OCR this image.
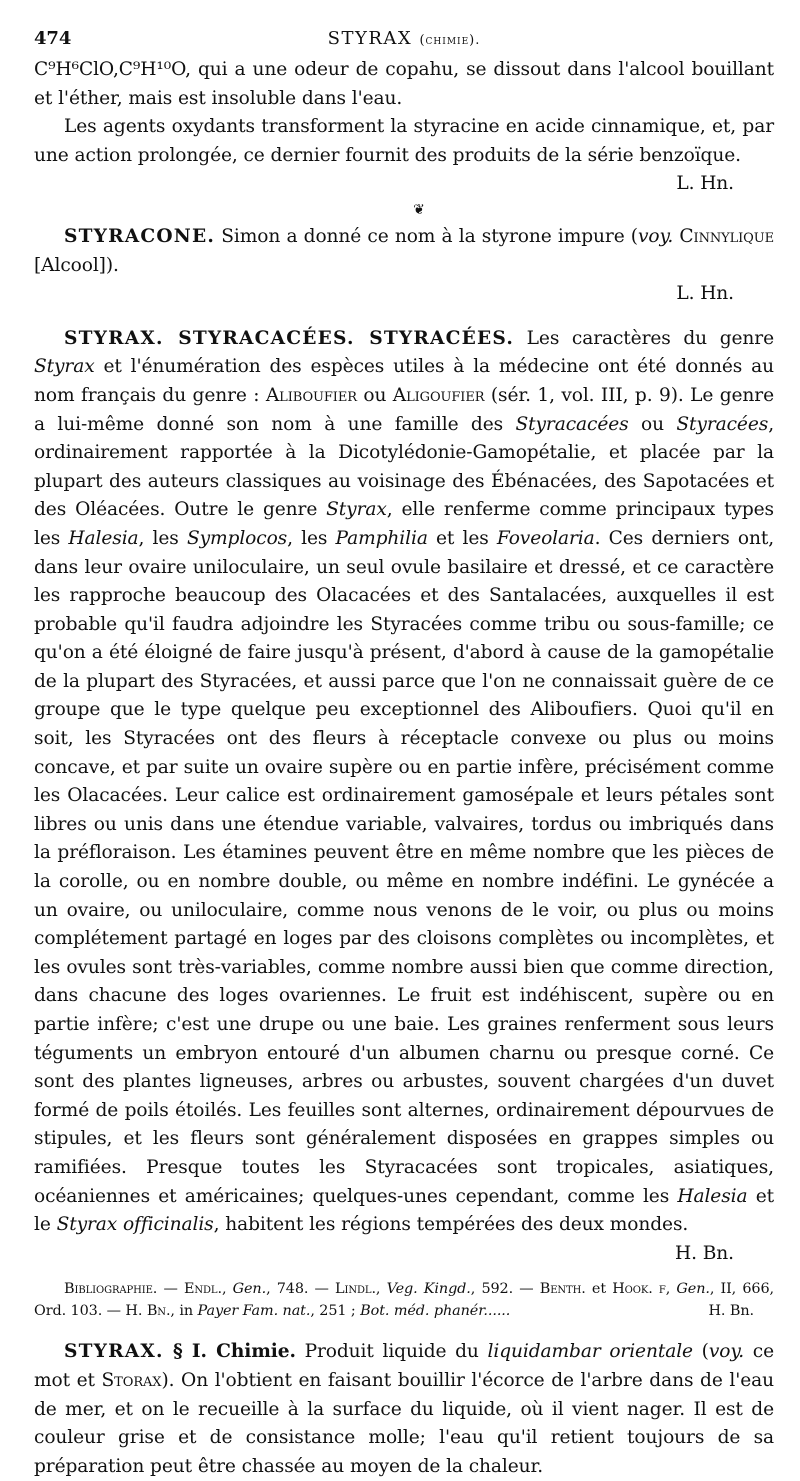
474	STYRAX (chimie).

C⁹H⁶ClO,C⁹H¹⁰O, qui a une odeur de copahu, se dissout dans l'alcool bouillant et l'éther, mais est insoluble dans l'eau.

Les agents oxydants transforment la styracine en acide cinnamique, et, par une action prolongée, ce dernier fournit des produits de la série benzoïque.

L. Hn.

❦

STYRACONE. Simon a donné ce nom à la styrone impure (voy. Cinnylique [Alcool]).

L. Hn.

STYRAX. STYRACACÉES. STYRACÉES. Les caractères du genre Styrax et l'énumération des espèces utiles à la médecine ont été donnés au nom français du genre : Aliboufier ou Aligoufier (sér. 1, vol. III, p. 9). Le genre a lui-même donné son nom à une famille des Styracacées ou Styracées, ordinairement rapportée à la Dicotylédonie-Gamopétalie, et placée par la plupart des auteurs classiques au voisinage des Ébénacées, des Sapotacées et des Oléacées. Outre le genre Styrax, elle renferme comme principaux types les Halesia, les Symplocos, les Pamphilia et les Foveolaria. Ces derniers ont, dans leur ovaire uniloculaire, un seul ovule basilaire et dressé, et ce caractère les rapproche beaucoup des Olacacées et des Santalacées, auxquelles il est probable qu'il faudra adjoindre les Styracées comme tribu ou sous-famille; ce qu'on a été éloigné de faire jusqu'à présent, d'abord à cause de la gamopétalie de la plupart des Styracées, et aussi parce que l'on ne connaissait guère de ce groupe que le type quelque peu exceptionnel des Aliboufiers. Quoi qu'il en soit, les Styracées ont des fleurs à réceptacle convexe ou plus ou moins concave, et par suite un ovaire supère ou en partie infère, précisément comme les Olacacées. Leur calice est ordinairement gamosépale et leurs pétales sont libres ou unis dans une étendue variable, valvaires, tordus ou imbriqués dans la préfloraison. Les étamines peuvent être en même nombre que les pièces de la corolle, ou en nombre double, ou même en nombre indéfini. Le gynécée a un ovaire, ou uniloculaire, comme nous venons de le voir, ou plus ou moins complétement partagé en loges par des cloisons complètes ou incomplètes, et les ovules sont très-variables, comme nombre aussi bien que comme direction, dans chacune des loges ovariennes. Le fruit est indéhiscent, supère ou en partie infère; c'est une drupe ou une baie. Les graines renferment sous leurs téguments un embryon entouré d'un albumen charnu ou presque corné. Ce sont des plantes ligneuses, arbres ou arbustes, souvent chargées d'un duvet formé de poils étoilés. Les feuilles sont alternes, ordinairement dépourvues de stipules, et les fleurs sont généralement disposées en grappes simples ou ramifiées. Presque toutes les Styracacées sont tropicales, asiatiques, océaniennes et américaines; quelques-unes cependant, comme les Halesia et le Styrax officinalis, habitent les régions tempérées des deux mondes.

H. Bn.

Bibliographie. — Endl., Gen., 748. — Lindl., Veg. Kingd., 592. — Benth. et Hook. f, Gen., II, 666, Ord. 103. — H. Bn., in Payer Fam. nat., 251 ; Bot. méd. phanér......	H. Bn.

STYRAX. § I. Chimie. Produit liquide du liquidambar orientale (voy. ce mot et Storax). On l'obtient en faisant bouillir l'écorce de l'arbre dans de l'eau de mer, et on le recueille à la surface du liquide, où il vient nager. Il est de couleur grise et de consistance molle; l'eau qu'il retient toujours de sa préparation peut être chassée au moyen de la chaleur.
